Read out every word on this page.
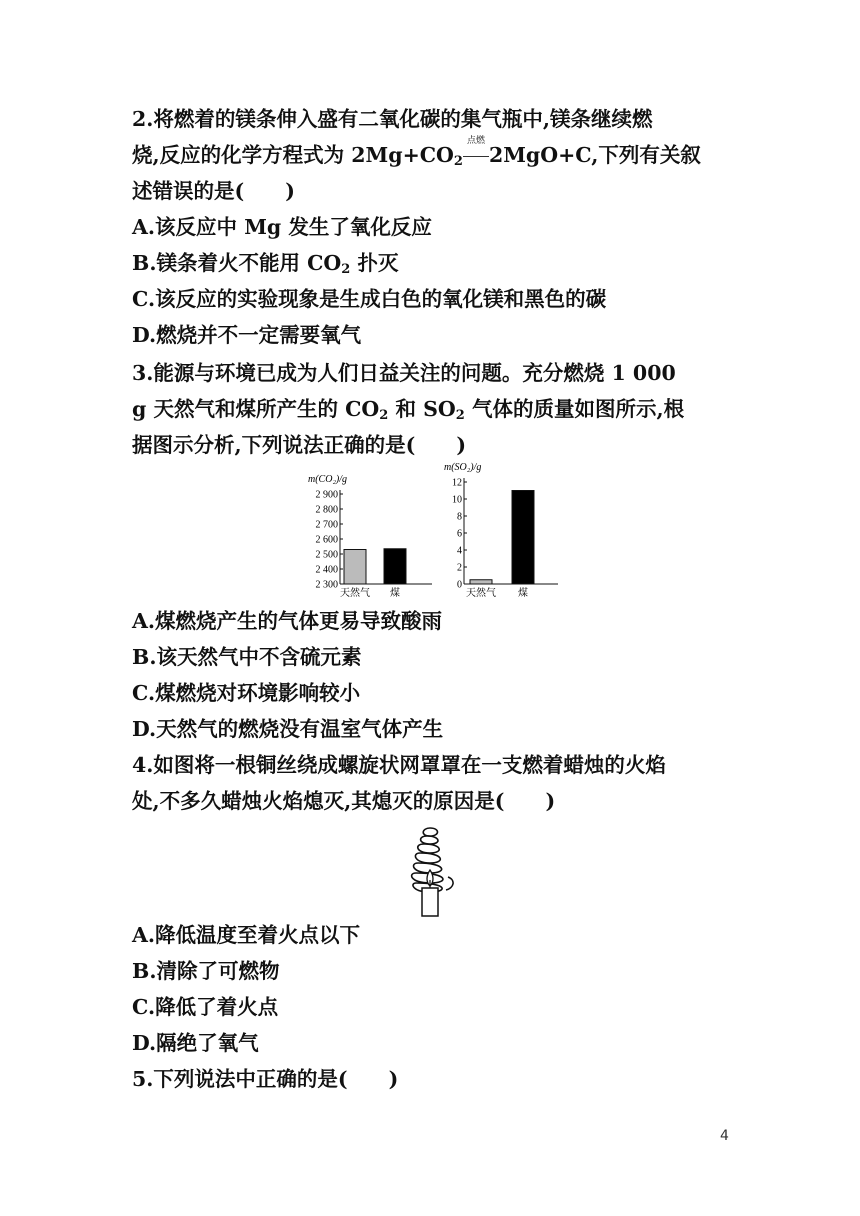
2.将燃着的镁条伸入盛有二氧化碳的集气瓶中,镁条继续燃
烧,反应的化学方程式为 $2Mg+CO_2$
点燃
2MgO+C,下列有关叙
述错误的是(　　)
A.该反应中 Mg 发生了氧化反应
B.镁条着火不能用 $CO_2$ 扑灭
C.该反应的实验现象是生成白色的氧化镁和黑色的碳
D.燃烧并不一定需要氧气
3.能源与环境已成为人们日益关注的问题。充分燃烧 1 000
g 天然气和煤所产生的 $CO_2$ 和 $SO_2$ 气体的质量如图所示,根
据图示分析,下列说法正确的是(　　)
m(CO₂)/g
2 900
2 800
2 700
2 600
2 500
2 400
2 300
天然气 煤
m(SO₂)/g
12
10
8
6
4
2
0
天然气 煤
A.煤燃烧产生的气体更易导致酸雨
B.该天然气中不含硫元素
C.煤燃烧对环境影响较小
D.天然气的燃烧没有温室气体产生
4.如图将一根铜丝绕成螺旋状网罩罩在一支燃着蜡烛的火焰
处,不多久蜡烛火焰熄灭,其熄灭的原因是(　　)
A.降低温度至着火点以下
B.清除了可燃物
C.降低了着火点
D.隔绝了氧气
5.下列说法中正确的是(　　)
4
